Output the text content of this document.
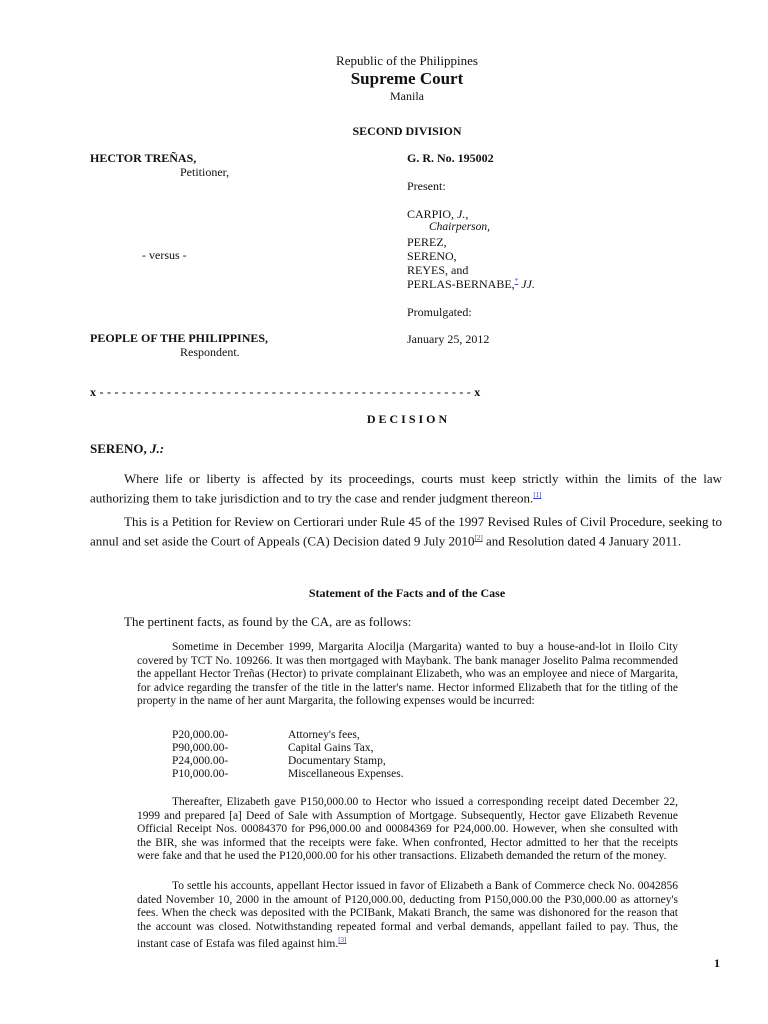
Republic of the Philippines
Supreme Court
Manila
SECOND DIVISION
HECTOR TREÑAS,
Petitioner,
- versus -
PEOPLE OF THE PHILIPPINES,
Respondent.
G. R. No. 195002
Present:
CARPIO, J.,
Chairperson,
PEREZ,
SERENO,
REYES, and
PERLAS-BERNABE,* JJ.
Promulgated:
January 25, 2012
x - - - - - - - - - - - - - - - - - - - - - - - - - - - - - - - - - - - - - - - - - - - - - - - - - - x
D E C I S I O N
SERENO, J.:
Where life or liberty is affected by its proceedings, courts must keep strictly within the limits of the law authorizing them to take jurisdiction and to try the case and render judgment thereon.[1]
This is a Petition for Review on Certiorari under Rule 45 of the 1997 Revised Rules of Civil Procedure, seeking to annul and set aside the Court of Appeals (CA) Decision dated 9 July 2010[2] and Resolution dated 4 January 2011.
Statement of the Facts and of the Case
The pertinent facts, as found by the CA, are as follows:
Sometime in December 1999, Margarita Alocilja (Margarita) wanted to buy a house-and-lot in Iloilo City covered by TCT No. 109266. It was then mortgaged with Maybank. The bank manager Joselito Palma recommended the appellant Hector Treñas (Hector) to private complainant Elizabeth, who was an employee and niece of Margarita, for advice regarding the transfer of the title in the latter's name. Hector informed Elizabeth that for the titling of the property in the name of her aunt Margarita, the following expenses would be incurred:
P20,000.00-	Attorney's fees,
P90,000.00-	Capital Gains Tax,
P24,000.00-	Documentary Stamp,
P10,000.00-	Miscellaneous Expenses.
Thereafter, Elizabeth gave P150,000.00 to Hector who issued a corresponding receipt dated December 22, 1999 and prepared [a] Deed of Sale with Assumption of Mortgage. Subsequently, Hector gave Elizabeth Revenue Official Receipt Nos. 00084370 for P96,000.00 and 00084369 for P24,000.00. However, when she consulted with the BIR, she was informed that the receipts were fake. When confronted, Hector admitted to her that the receipts were fake and that he used the P120,000.00 for his other transactions. Elizabeth demanded the return of the money.
To settle his accounts, appellant Hector issued in favor of Elizabeth a Bank of Commerce check No. 0042856 dated November 10, 2000 in the amount of P120,000.00, deducting from P150,000.00 the P30,000.00 as attorney's fees. When the check was deposited with the PCIBank, Makati Branch, the same was dishonored for the reason that the account was closed. Notwithstanding repeated formal and verbal demands, appellant failed to pay. Thus, the instant case of Estafa was filed against him.[3]
1
